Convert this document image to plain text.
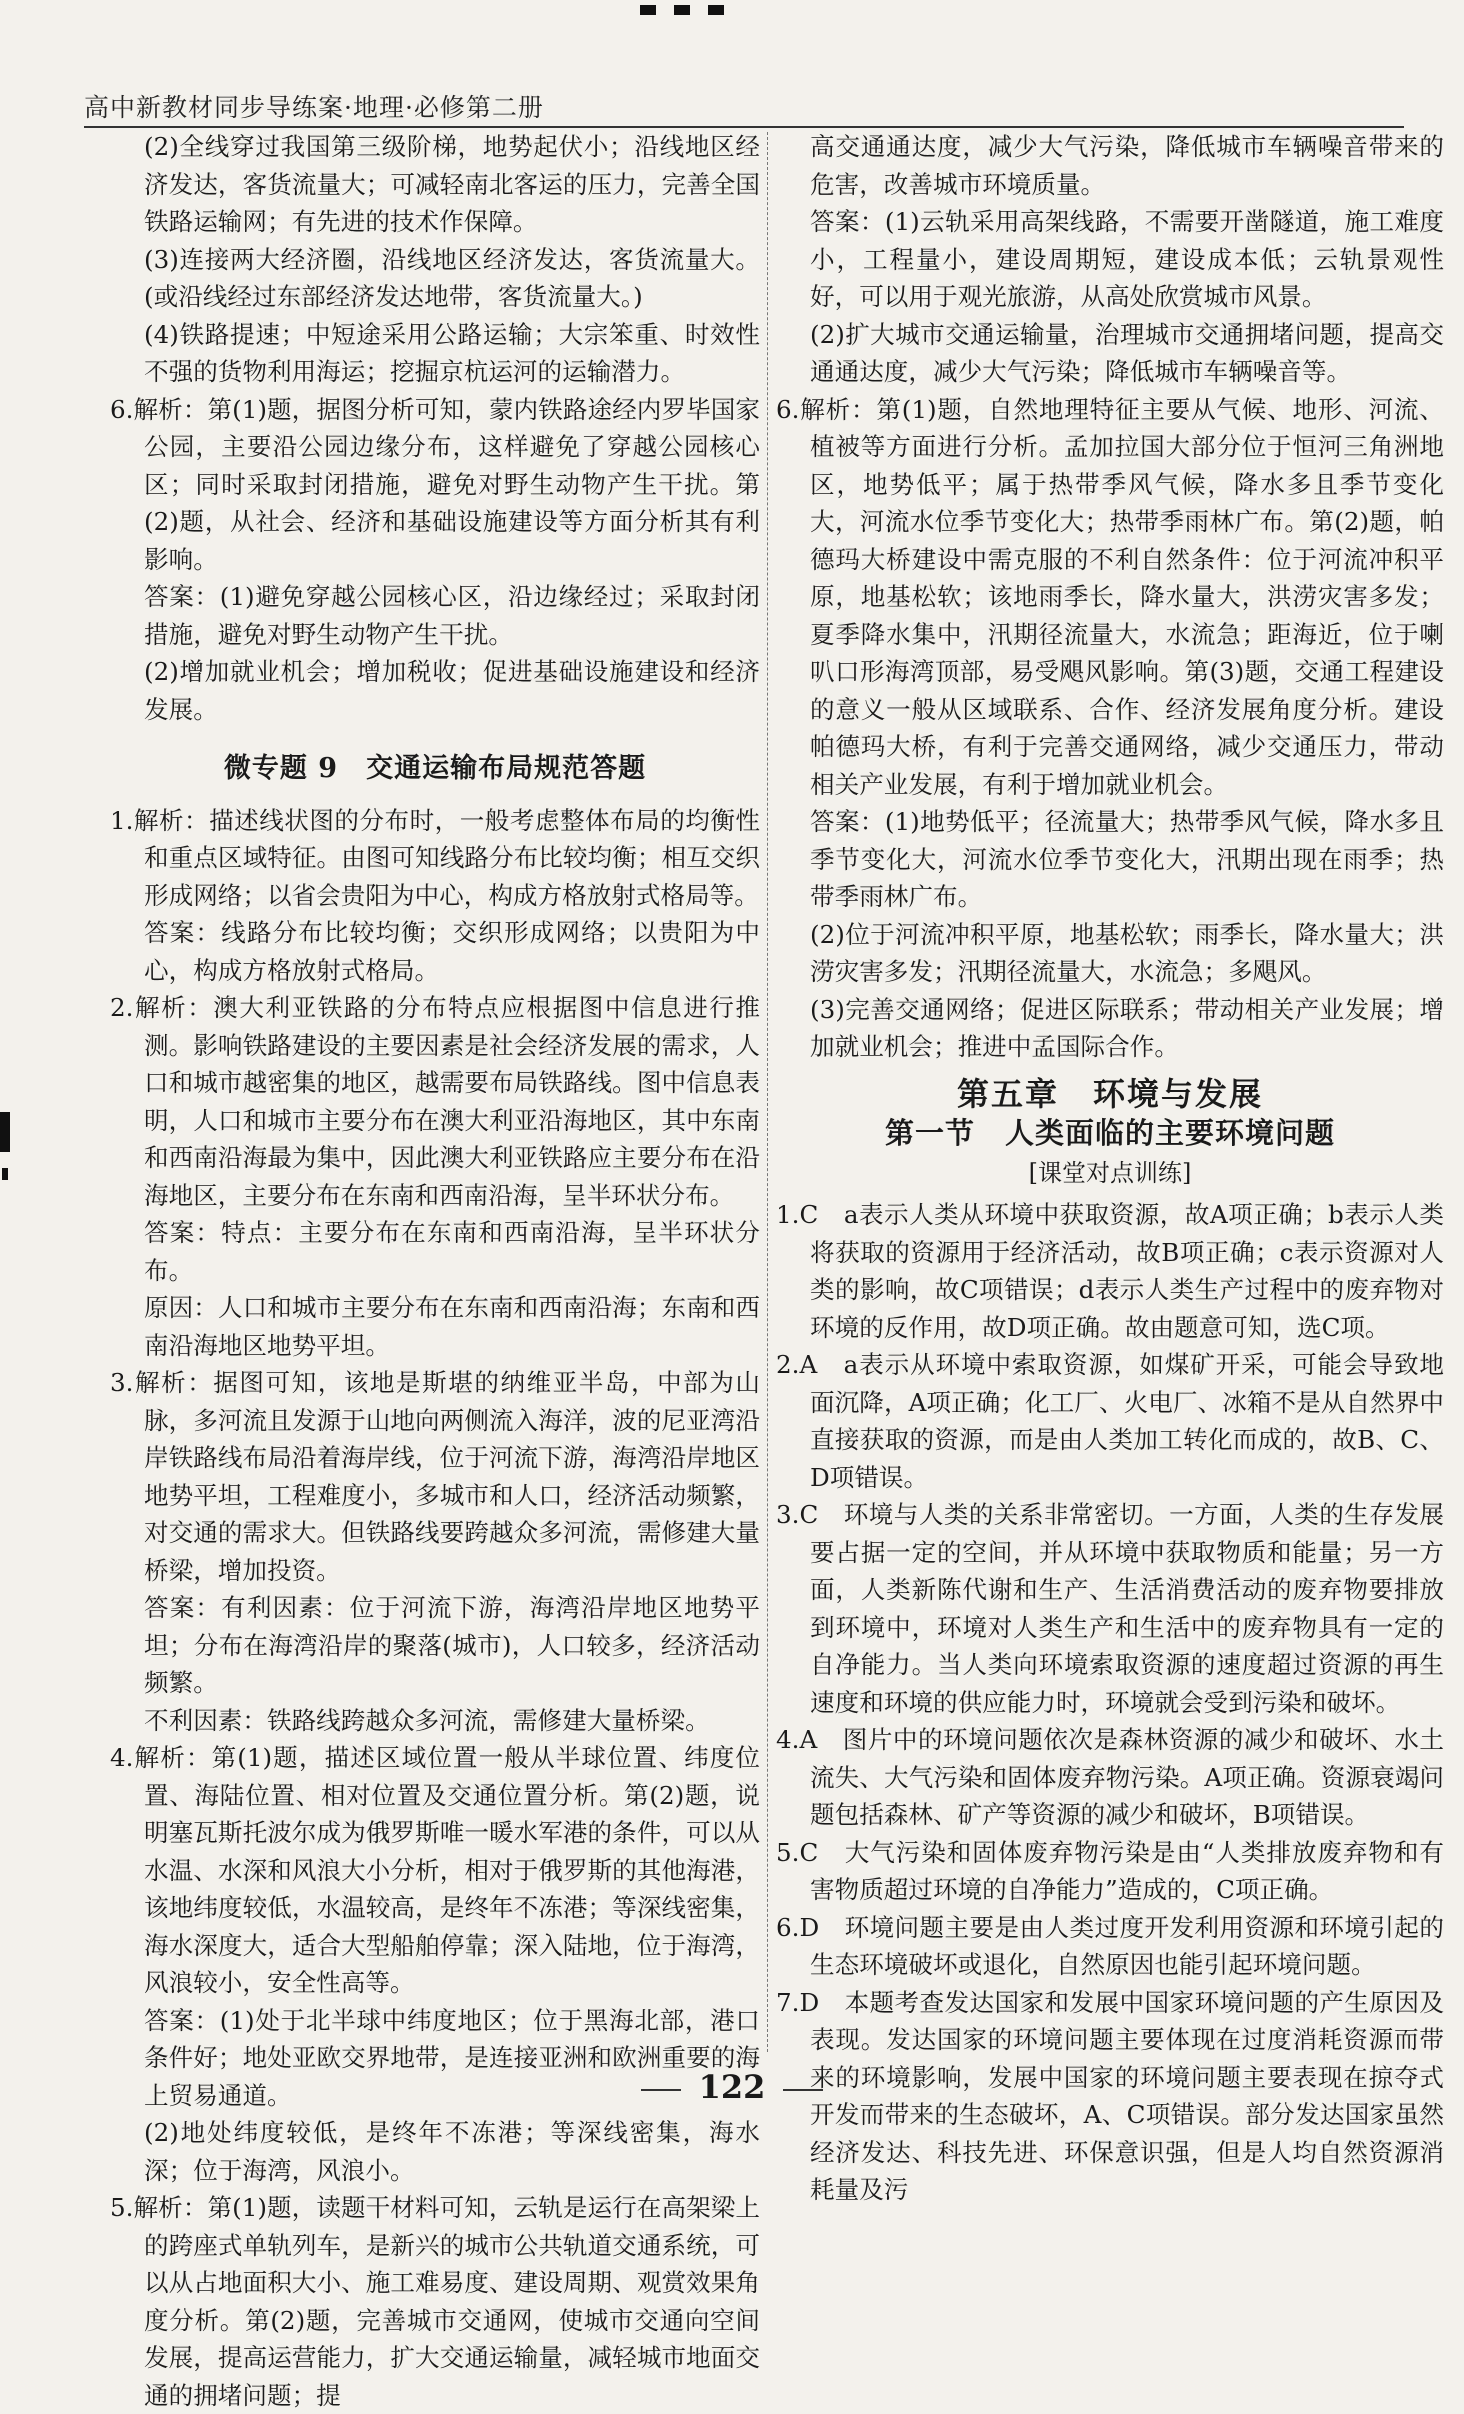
高中新教材同步导练案·地理·必修第二册

(2)全线穿过我国第三级阶梯，地势起伏小；沿线地区经济发达，客货流量大；可减轻南北客运的压力，完善全国铁路运输网；有先进的技术作保障。

(3)连接两大经济圈，沿线地区经济发达，客货流量大。(或沿线经过东部经济发达地带，客货流量大。)

(4)铁路提速；中短途采用公路运输；大宗笨重、时效性不强的货物利用海运；挖掘京杭运河的运输潜力。

6.解析：第(1)题，据图分析可知，蒙内铁路途经内罗毕国家公园，主要沿公园边缘分布，这样避免了穿越公园核心区；同时采取封闭措施，避免对野生动物产生干扰。第(2)题，从社会、经济和基础设施建设等方面分析其有利影响。

答案：(1)避免穿越公园核心区，沿边缘经过；采取封闭措施，避免对野生动物产生干扰。

(2)增加就业机会；增加税收；促进基础设施建设和经济发展。

微专题 9　交通运输布局规范答题

1.解析：描述线状图的分布时，一般考虑整体布局的均衡性和重点区域特征。由图可知线路分布比较均衡；相互交织形成网络；以省会贵阳为中心，构成方格放射式格局等。

答案：线路分布比较均衡；交织形成网络；以贵阳为中心，构成方格放射式格局。

2.解析：澳大利亚铁路的分布特点应根据图中信息进行推测。影响铁路建设的主要因素是社会经济发展的需求，人口和城市越密集的地区，越需要布局铁路线。图中信息表明，人口和城市主要分布在澳大利亚沿海地区，其中东南和西南沿海最为集中，因此澳大利亚铁路应主要分布在沿海地区，主要分布在东南和西南沿海，呈半环状分布。

答案：特点：主要分布在东南和西南沿海，呈半环状分布。

原因：人口和城市主要分布在东南和西南沿海；东南和西南沿海地区地势平坦。

3.解析：据图可知，该地是斯堪的纳维亚半岛，中部为山脉，多河流且发源于山地向两侧流入海洋，波的尼亚湾沿岸铁路线布局沿着海岸线，位于河流下游，海湾沿岸地区地势平坦，工程难度小，多城市和人口，经济活动频繁，对交通的需求大。但铁路线要跨越众多河流，需修建大量桥梁，增加投资。

答案：有利因素：位于河流下游，海湾沿岸地区地势平坦；分布在海湾沿岸的聚落(城市)，人口较多，经济活动频繁。

不利因素：铁路线跨越众多河流，需修建大量桥梁。

4.解析：第(1)题，描述区域位置一般从半球位置、纬度位置、海陆位置、相对位置及交通位置分析。第(2)题，说明塞瓦斯托波尔成为俄罗斯唯一暖水军港的条件，可以从水温、水深和风浪大小分析，相对于俄罗斯的其他海港，该地纬度较低，水温较高，是终年不冻港；等深线密集，海水深度大，适合大型船舶停靠；深入陆地，位于海湾，风浪较小，安全性高等。

答案：(1)处于北半球中纬度地区；位于黑海北部，港口条件好；地处亚欧交界地带，是连接亚洲和欧洲重要的海上贸易通道。

(2)地处纬度较低，是终年不冻港；等深线密集，海水深；位于海湾，风浪小。

5.解析：第(1)题，读题干材料可知，云轨是运行在高架梁上的跨座式单轨列车，是新兴的城市公共轨道交通系统，可以从占地面积大小、施工难易度、建设周期、观赏效果角度分析。第(2)题，完善城市交通网，使城市交通向空间发展，提高运营能力，扩大交通运输量，减轻城市地面交通的拥堵问题；提

高交通通达度，减少大气污染，降低城市车辆噪音带来的危害，改善城市环境质量。

答案：(1)云轨采用高架线路，不需要开凿隧道，施工难度小，工程量小，建设周期短，建设成本低；云轨景观性好，可以用于观光旅游，从高处欣赏城市风景。

(2)扩大城市交通运输量，治理城市交通拥堵问题，提高交通通达度，减少大气污染；降低城市车辆噪音等。

6.解析：第(1)题，自然地理特征主要从气候、地形、河流、植被等方面进行分析。孟加拉国大部分位于恒河三角洲地区，地势低平；属于热带季风气候，降水多且季节变化大，河流水位季节变化大；热带季雨林广布。第(2)题，帕德玛大桥建设中需克服的不利自然条件：位于河流冲积平原，地基松软；该地雨季长，降水量大，洪涝灾害多发；夏季降水集中，汛期径流量大，水流急；距海近，位于喇叭口形海湾顶部，易受飓风影响。第(3)题，交通工程建设的意义一般从区域联系、合作、经济发展角度分析。建设帕德玛大桥，有利于完善交通网络，减少交通压力，带动相关产业发展，有利于增加就业机会。

答案：(1)地势低平；径流量大；热带季风气候，降水多且季节变化大，河流水位季节变化大，汛期出现在雨季；热带季雨林广布。

(2)位于河流冲积平原，地基松软；雨季长，降水量大；洪涝灾害多发；汛期径流量大，水流急；多飓风。

(3)完善交通网络；促进区际联系；带动相关产业发展；增加就业机会；推进中孟国际合作。

第五章　环境与发展
第一节　人类面临的主要环境问题
[课堂对点训练]

1.C　a表示人类从环境中获取资源，故A项正确；b表示人类将获取的资源用于经济活动，故B项正确；c表示资源对人类的影响，故C项错误；d表示人类生产过程中的废弃物对环境的反作用，故D项正确。故由题意可知，选C项。

2.A　a表示从环境中索取资源，如煤矿开采，可能会导致地面沉降，A项正确；化工厂、火电厂、冰箱不是从自然界中直接获取的资源，而是由人类加工转化而成的，故B、C、D项错误。

3.C　环境与人类的关系非常密切。一方面，人类的生存发展要占据一定的空间，并从环境中获取物质和能量；另一方面，人类新陈代谢和生产、生活消费活动的废弃物要排放到环境中，环境对人类生产和生活中的废弃物具有一定的自净能力。当人类向环境索取资源的速度超过资源的再生速度和环境的供应能力时，环境就会受到污染和破坏。

4.A　图片中的环境问题依次是森林资源的减少和破坏、水土流失、大气污染和固体废弃物污染。A项正确。资源衰竭问题包括森林、矿产等资源的减少和破坏，B项错误。

5.C　大气污染和固体废弃物污染是由“人类排放废弃物和有害物质超过环境的自净能力”造成的，C项正确。

6.D　环境问题主要是由人类过度开发利用资源和环境引起的生态环境破坏或退化，自然原因也能引起环境问题。

7.D　本题考查发达国家和发展中国家环境问题的产生原因及表现。发达国家的环境问题主要体现在过度消耗资源而带来的环境影响，发展中国家的环境问题主要表现在掠夺式开发而带来的生态破坏，A、C项错误。部分发达国家虽然经济发达、科技先进、环保意识强，但是人均自然资源消耗量及污

122
